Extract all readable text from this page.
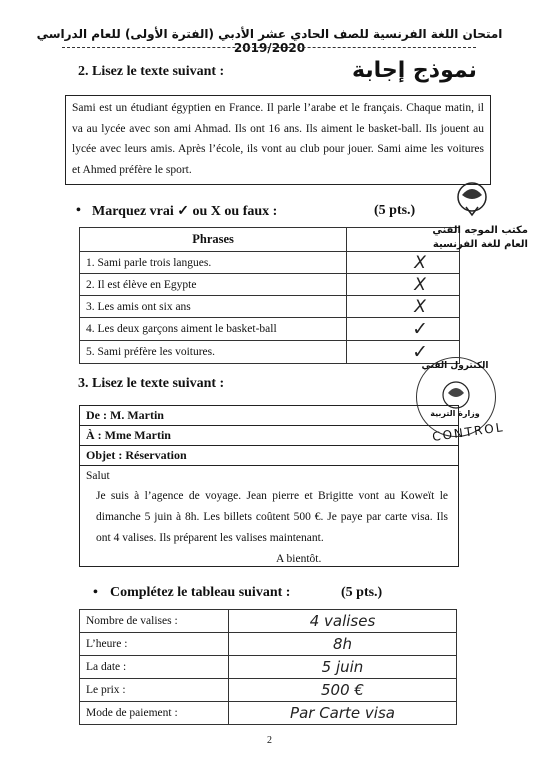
امتحان اللغة الفرنسية للصف الحادي عشر الأدبي (الفترة الأولى) للعام الدراسي 2019/2020
2. Lisez le texte suivant :	نموذج إجابة
Sami est un étudiant égyptien en France. Il parle l’arabe et le français. Chaque matin, il va au lycée avec son ami Ahmad. Ils ont 16 ans. Ils aiment le basket-ball. Ils jouent au lycée avec leurs amis. Après l’école, ils vont au club pour jouer. Sami aime les voitures et Ahmed préfère le sport.
• Marquez vrai ✓ ou X ou faux :	(5 pts.)
Phrases	
1. Sami parle trois langues.	X
2. Il est élève en Egypte	X
3. Les amis ont six ans	X
4. Les deux garçons aiment le basket-ball	✓
5. Sami préfère les voitures.	✓
مكتب الموجه الفني
العام للغة الفرنسية
3. Lisez le texte suivant :
الكنترول الفني
وزارة التربية
CONTROL
De : M. Martin
À : Mme Martin
Objet : Réservation
Salut
Je suis à l’agence de voyage. Jean pierre et Brigitte vont au Koweït le dimanche 5 juin à 8h. Les billets coûtent 500 €. Je paye par carte visa. Ils ont 4 valises. Ils préparent les valises maintenant.
A bientôt.
• Complétez le tableau suivant :	(5 pts.)
Nombre de valises :	4 valises
L’heure :	8h
La date :	5 juin
Le prix :	500 €
Mode de paiement :	Par Carte visa
2
